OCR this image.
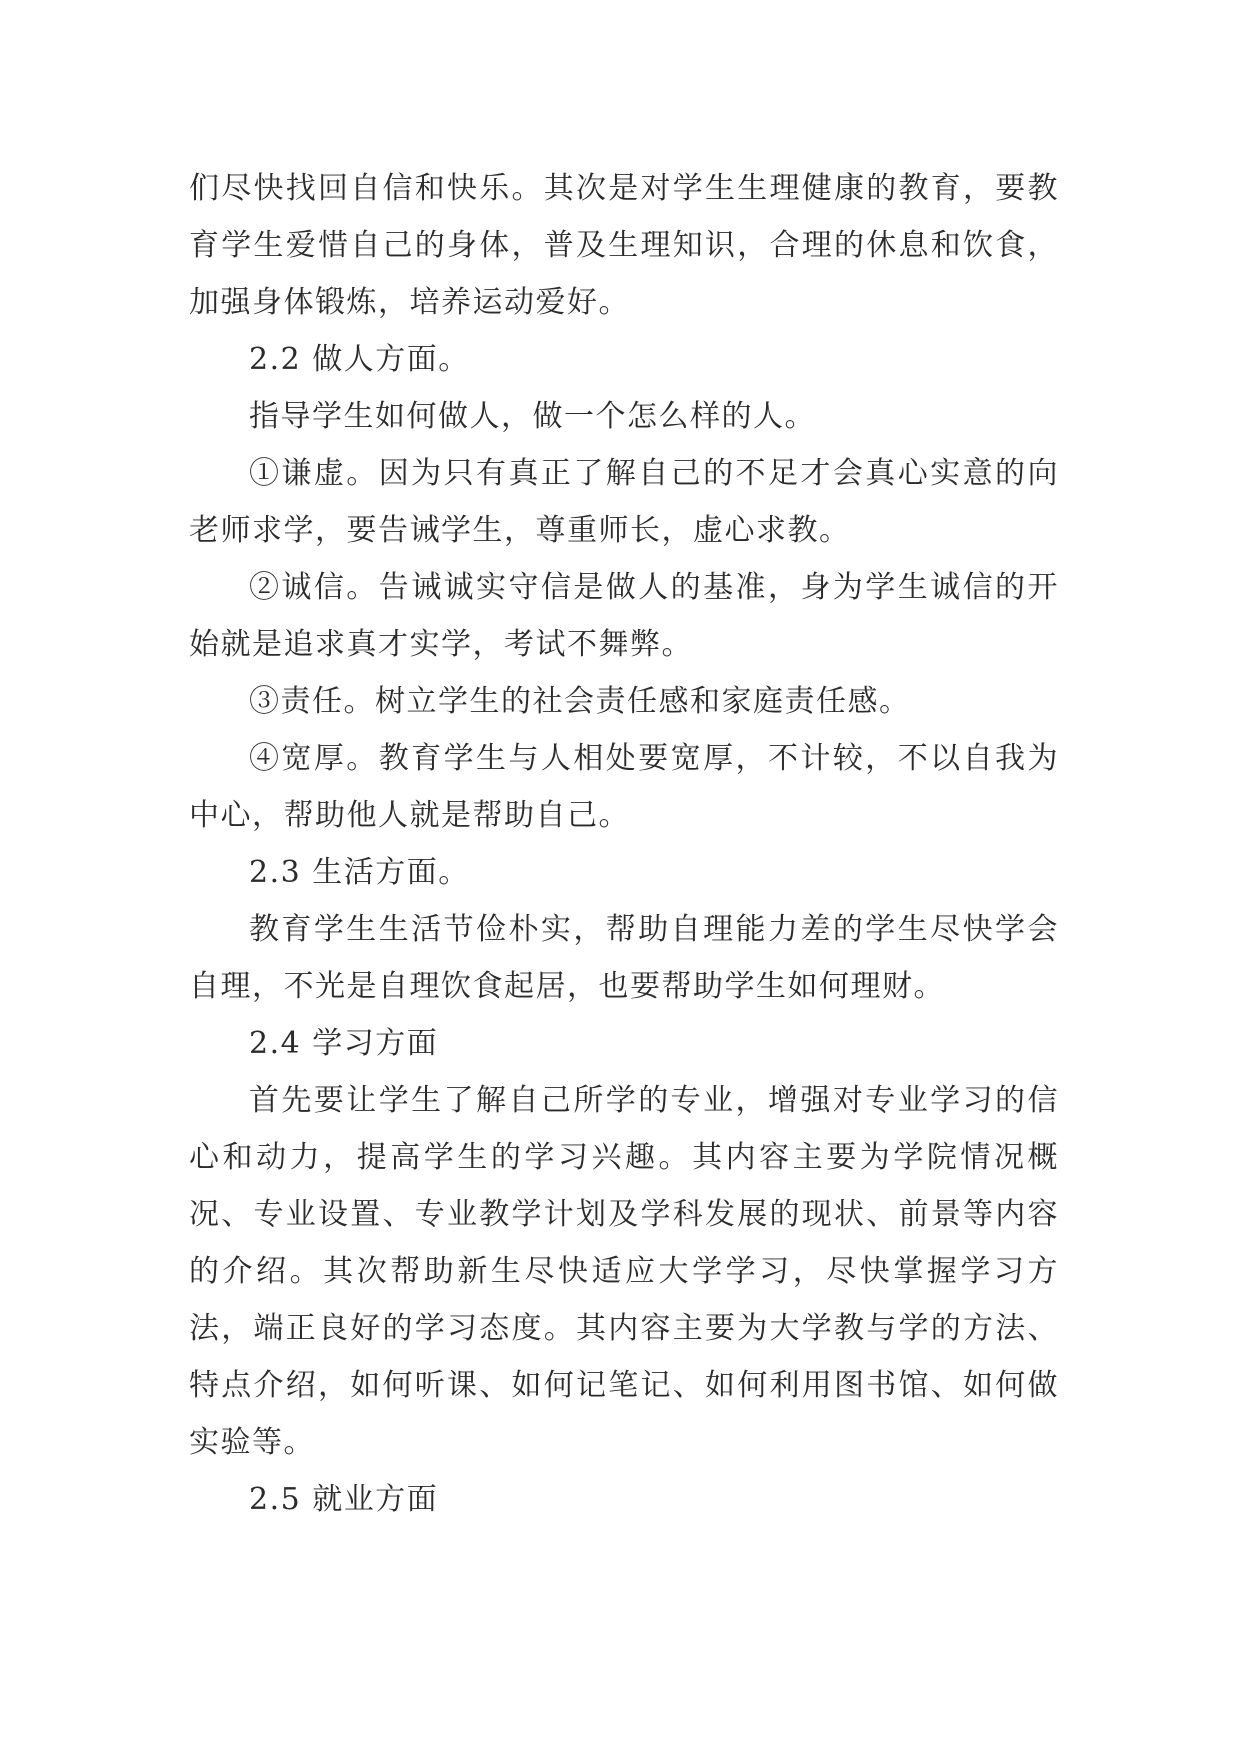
们尽快找回自信和快乐。其次是对学生生理健康的教育，要教育学生爱惜自己的身体，普及生理知识，合理的休息和饮食，加强身体锻炼，培养运动爱好。

2.2 做人方面。

指导学生如何做人，做一个怎么样的人。

①谦虚。因为只有真正了解自己的不足才会真心实意的向老师求学，要告诫学生，尊重师长，虚心求教。

②诚信。告诫诚实守信是做人的基准，身为学生诚信的开始就是追求真才实学，考试不舞弊。

③责任。树立学生的社会责任感和家庭责任感。

④宽厚。教育学生与人相处要宽厚，不计较，不以自我为中心，帮助他人就是帮助自己。

2.3 生活方面。

教育学生生活节俭朴实，帮助自理能力差的学生尽快学会自理，不光是自理饮食起居，也要帮助学生如何理财。

2.4 学习方面

首先要让学生了解自己所学的专业，增强对专业学习的信心和动力，提高学生的学习兴趣。其内容主要为学院情况概况、专业设置、专业教学计划及学科发展的现状、前景等内容的介绍。其次帮助新生尽快适应大学学习，尽快掌握学习方法，端正良好的学习态度。其内容主要为大学教与学的方法、特点介绍，如何听课、如何记笔记、如何利用图书馆、如何做实验等。

2.5 就业方面
